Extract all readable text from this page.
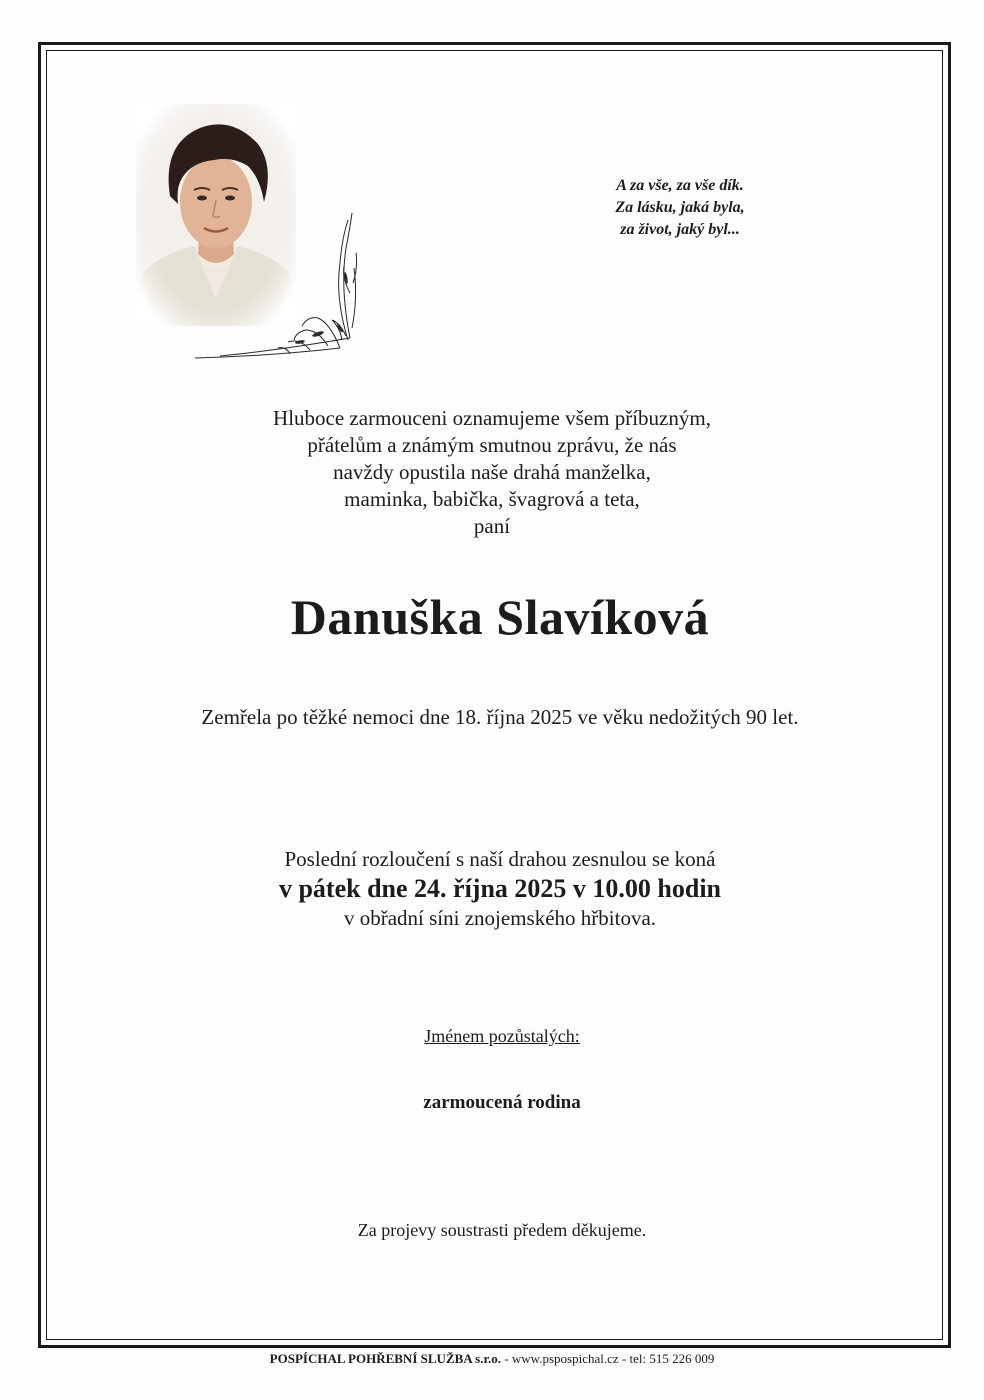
A za vše, za vše dík.
Za lásku, jaká byla,
za život, jaký byl...
Hluboce zarmouceni oznamujeme všem příbuzným,
přátelům a známým smutnou zprávu, že nás
navždy opustila naše drahá manželka,
maminka, babička, švagrová a teta,
paní
Danuška Slavíková
Zemřela po těžké nemoci dne 18. října 2025 ve věku nedožitých 90 let.
Poslední rozloučení s naší drahou zesnulou se koná
v pátek dne 24. října 2025 v 10.00 hodin
v obřadní síni znojemského hřbitova.
Jménem pozůstalých:
zarmoucená rodina
Za projevy soustrasti předem děkujeme.
POSPÍCHAL POHŘEBNÍ SLUŽBA s.r.o. - www.pspospichal.cz - tel: 515 226 009
